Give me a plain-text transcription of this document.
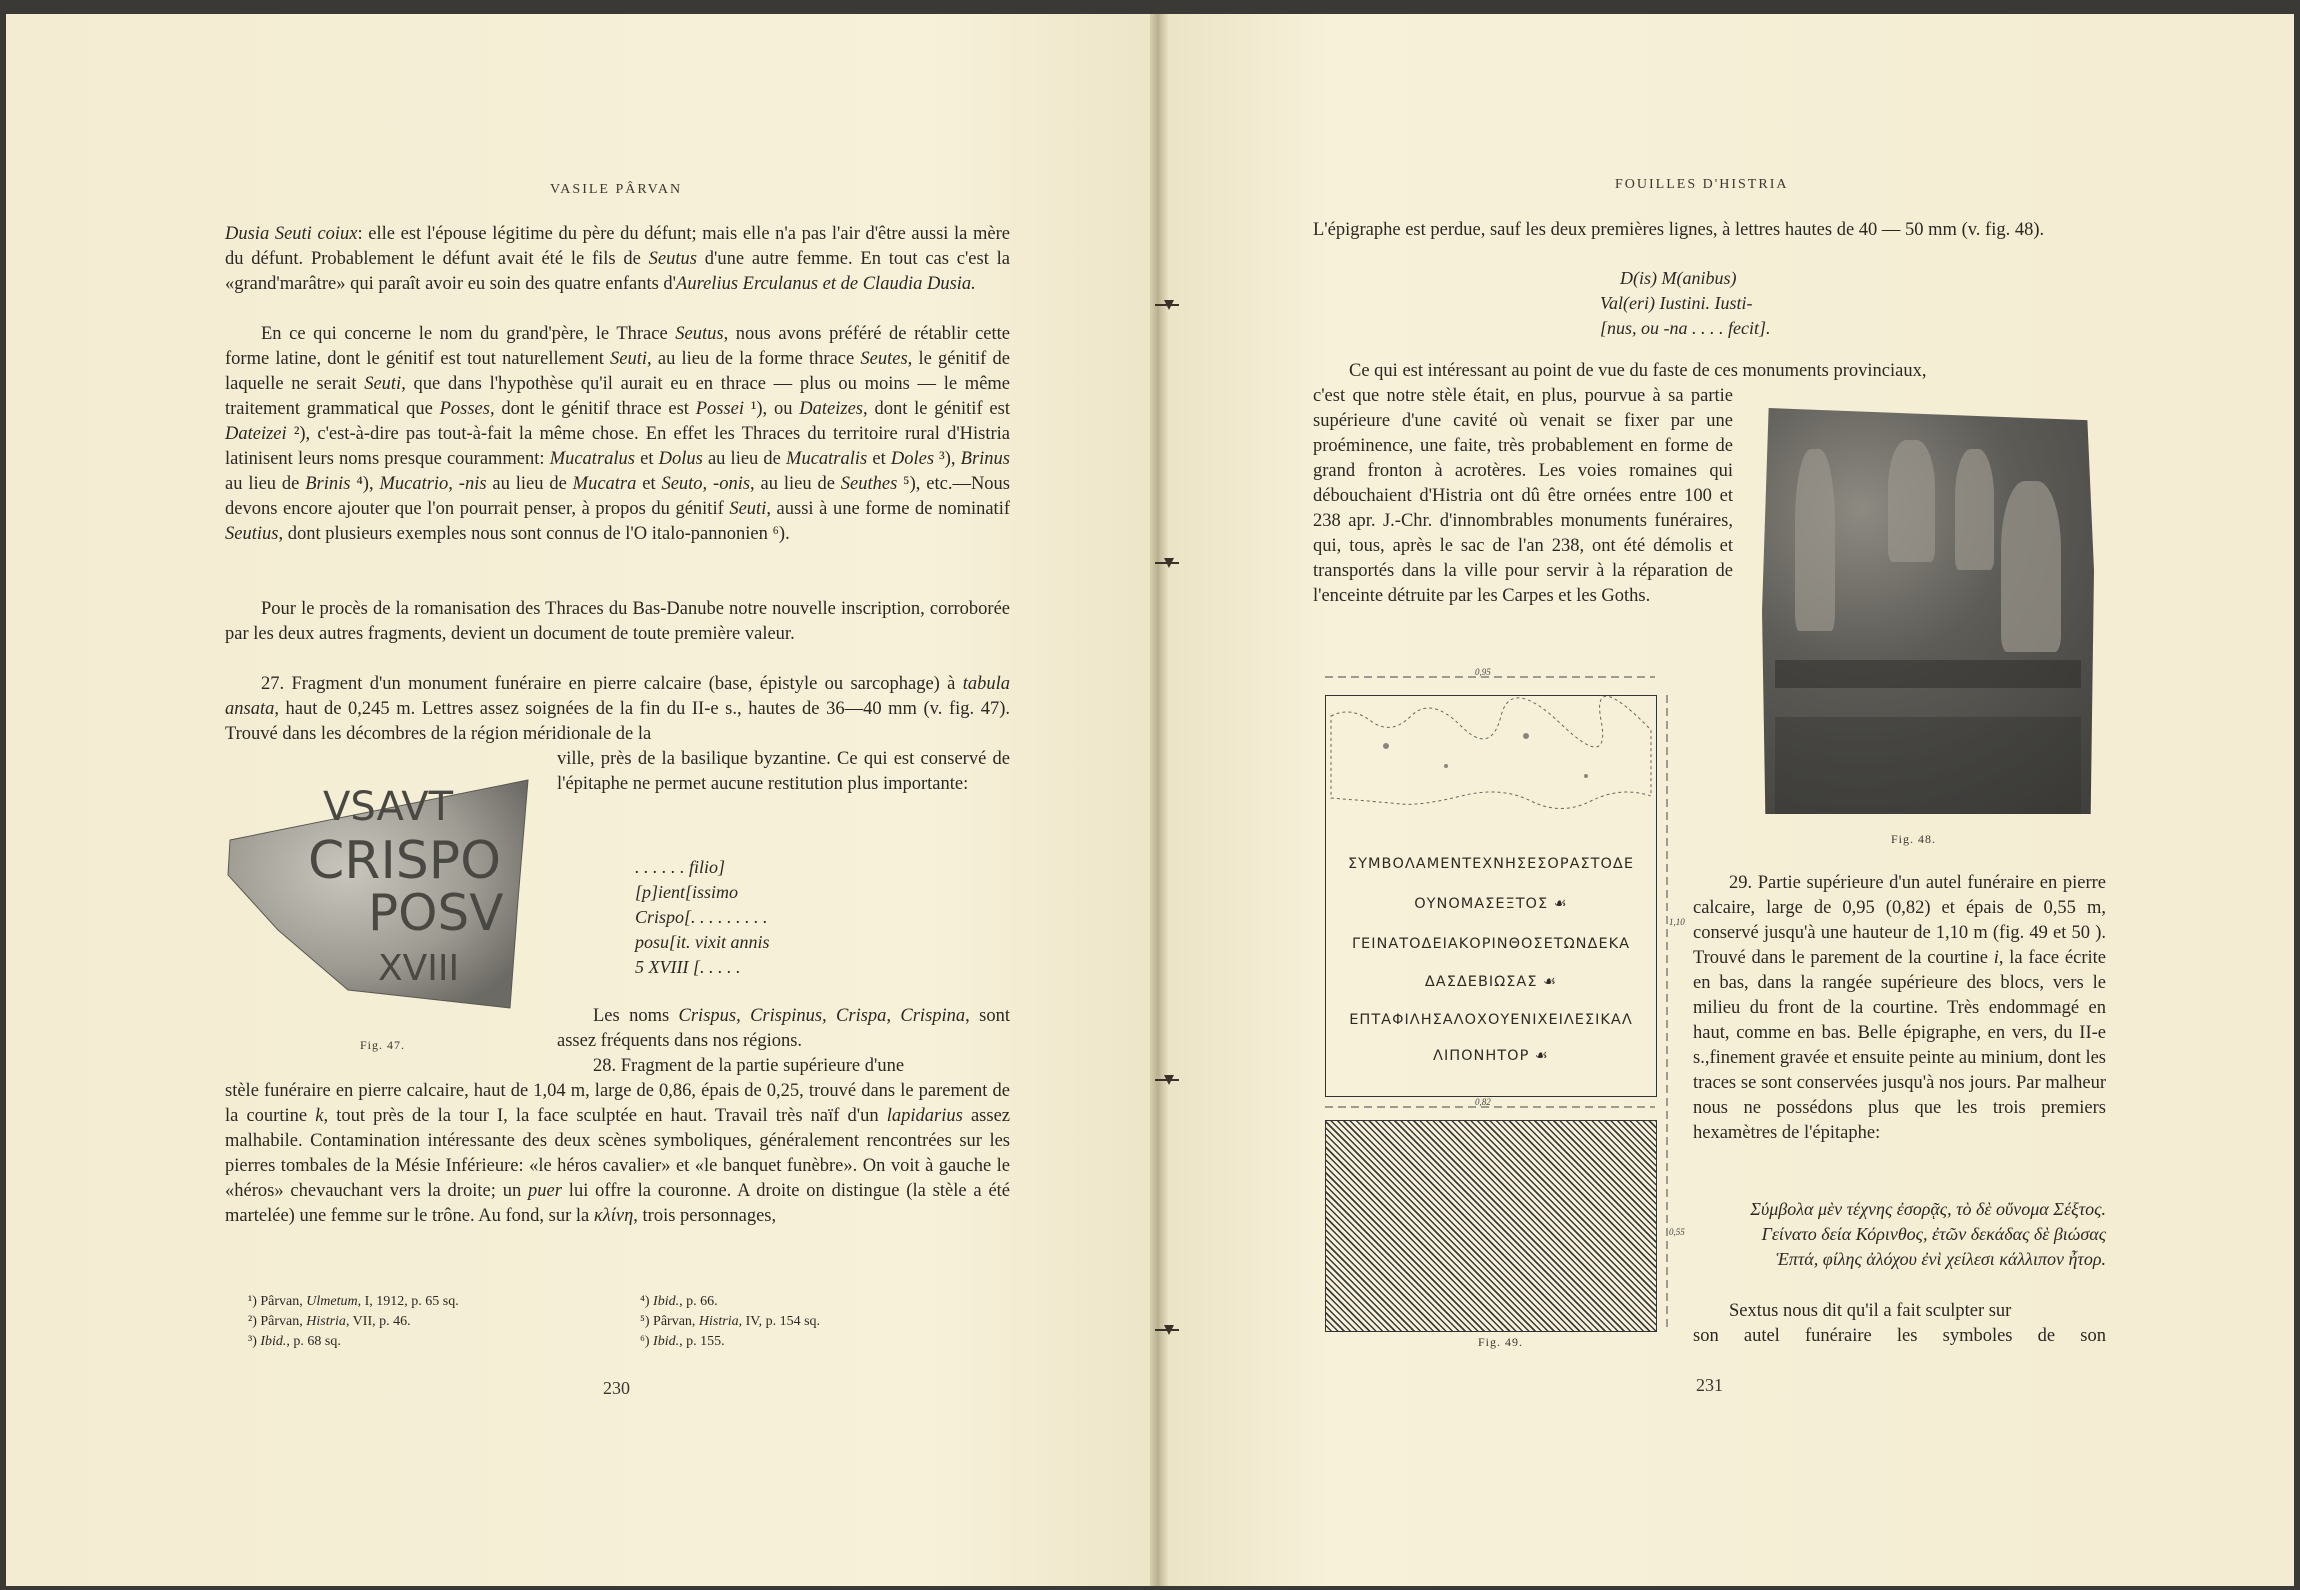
VASILE PÂRVAN
Dusia Seuti coiux: elle est l'épouse légitime du père du défunt; mais elle n'a pas l'air d'être aussi la mère du défunt. Probablement le défunt avait été le fils de Seutus d'une autre femme. En tout cas c'est la «grand'marâtre» qui paraît avoir eu soin des quatre enfants d'Aurelius Erculanus et de Claudia Dusia.
En ce qui concerne le nom du grand'père, le Thrace Seutus, nous avons préféré de rétablir cette forme latine, dont le génitif est tout naturellement Seuti, au lieu de la forme thrace Seutes, le génitif de laquelle ne serait Seuti, que dans l'hypothèse qu'il aurait eu en thrace — plus ou moins — le même traitement grammatical que Posses, dont le génitif thrace est Possei ¹), ou Dateizes, dont le génitif est Dateizei ²), c'est-à-dire pas tout-à-fait la même chose. En effet les Thraces du territoire rural d'Histria latinisent leurs noms presque couramment: Mucatralus et Dolus au lieu de Mucatralis et Doles ³), Brinus au lieu de Brinis ⁴), Mucatrio, -nis au lieu de Mucatra et Seuto, -onis, au lieu de Seuthes ⁵), etc.—Nous devons encore ajouter que l'on pourrait penser, à propos du génitif Seuti, aussi à une forme de nominatif Seutius, dont plusieurs exemples nous sont connus de l'O italo-pannonien ⁶).
Pour le procès de la romanisation des Thraces du Bas-Danube notre nouvelle inscription, corroborée par les deux autres fragments, devient un document de toute première valeur.
27. Fragment d'un monument funéraire en pierre calcaire (base, épistyle ou sarcophage) à tabula ansata, haut de 0,245 m. Lettres assez soignées de la fin du II-e s., hautes de 36—40 mm (v. fig. 47). Trouvé dans les décombres de la région méridionale de la
ville, près de la basilique byzantine. Ce qui est conservé de l'épitaphe ne permet aucune restitution plus importante:
VSAVT
CRISPO
POSV
XVIII
. . . . . . filio]
[p]ient[issimo
Crispo[. . . . . . . . .
posu[it. vixit annis
5 XVIII [. . . . .
Fig. 47.
Les noms Crispus, Crispinus, Crispa, Crispina, sont assez fréquents dans nos régions.
28. Fragment de la partie supérieure d'une
stèle funéraire en pierre calcaire, haut de 1,04 m, large de 0,86, épais de 0,25, trouvé dans le parement de la courtine k, tout près de la tour I, la face sculptée en haut. Travail très naïf d'un lapidarius assez malhabile. Contamination intéressante des deux scènes symboliques, généralement rencontrées sur les pierres tombales de la Mésie Inférieure: «le héros cavalier» et «le banquet funèbre». On voit à gauche le «héros» chevauchant vers la droite; un puer lui offre la couronne. A droite on distingue (la stèle a été martelée) une femme sur le trône. Au fond, sur la κλίνη, trois personnages,
¹) Pârvan, Ulmetum, I, 1912, p. 65 sq.
²) Pârvan, Histria, VII, p. 46.
³) Ibid., p. 68 sq.
⁴) Ibid., p. 66.
⁵) Pârvan, Histria, IV, p. 154 sq.
⁶) Ibid., p. 155.
230
FOUILLES D'HISTRIA
L'épigraphe est perdue, sauf les deux premières lignes, à lettres hautes de 40 — 50 mm (v. fig. 48).
D(is) M(anibus)
Val(eri) Iustini. Iusti-
[nus, ou -na . . . . fecit].
Ce qui est intéressant au point de vue du faste de ces monuments provinciaux,
c'est que notre stèle était, en plus, pourvue à sa partie supérieure d'une cavité où venait se fixer par une proéminence, une faite, très probablement en forme de grand fronton à acrotères. Les voies romaines qui débouchaient d'Histria ont dû être ornées entre 100 et 238 apr. J.-Chr. d'innombrables monuments funéraires, qui, tous, après le sac de l'an 238, ont été démolis et transportés dans la ville pour servir à la réparation de l'enceinte détruite par les Carpes et les Goths.
Fig. 48.
0,95
ΣΥΜΒΟΛΑΜΕΝΤΕΧΝΗΣΕΣΟΡΑΣΤΟΔΕ
ΟΥΝΟΜΑΣΕΞΤΟΣ ☙
ΓΕΙΝΑΤΟΔΕΙΑΚΟΡΙΝΘΟΣΕΤΩΝΔΕΚΑ
ΔΑΣΔΕΒΙΩΣΑΣ ☙
ΕΠΤΑΦΙΛΗΣΑΛΟΧΟΥΕΝΙΧΕΙΛΕΣΙΚΑΛ
ΛΙΠΟΝΗΤΟΡ ☙
0,82
1,10
0,55
Fig. 49.
29. Partie supérieure d'un autel funéraire en pierre calcaire, large de 0,95 (0,82) et épais de 0,55 m, conservé jusqu'à une hauteur de 1,10 m (fig. 49 et 50 ). Trouvé dans le parement de la courtine i, la face écrite en bas, dans la rangée supérieure des blocs, vers le milieu du front de la courtine. Très endommagé en haut, comme en bas. Belle épigraphe, en vers, du II-e s.,finement gravée et ensuite peinte au minium, dont les traces se sont conservées jusqu'à nos jours. Par malheur nous ne possédons plus que les trois premiers hexamètres de l'épitaphe:
Σύμβολα μὲν τέχνης ἐσορᾷς, τὸ δὲ οὔνομα Σέξτος.
Γείνατο δεία Κόρινθος, ἐτῶν δεκάδας δὲ βιώσας
Ἑπτά, φίλης ἀλόχου ἐνὶ χείλεσι κάλλιπον ἦτορ.
Sextus nous dit qu'il a fait sculpter sur
son autel funéraire les symboles de son
231
